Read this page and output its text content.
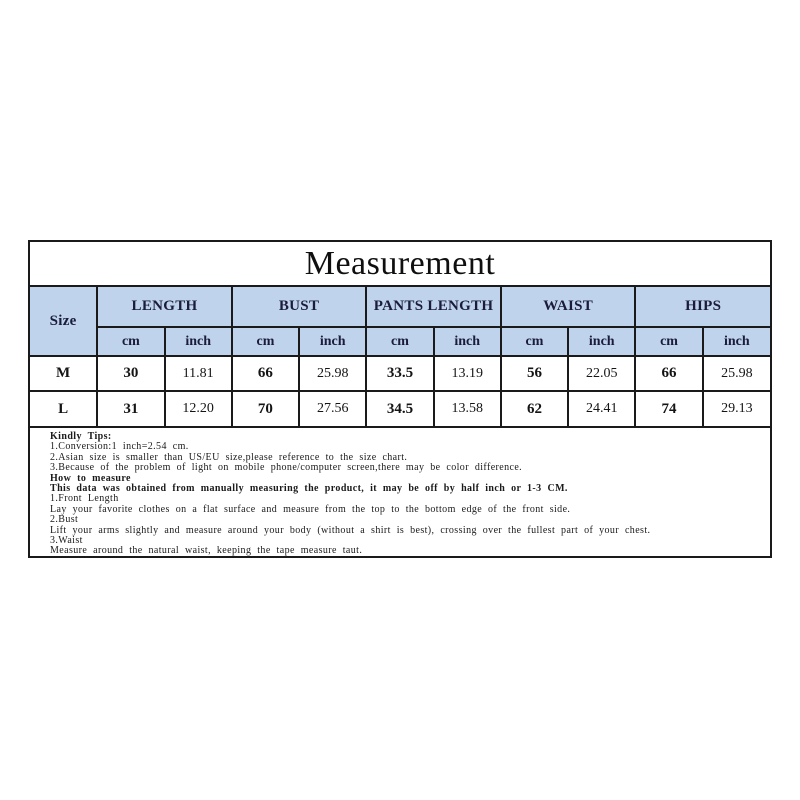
Measurement
Size	LENGTH		BUST		PANTS LENGTH		WAIST		HIPS	
	cm	inch	cm	inch	cm	inch	cm	inch	cm	inch
M	30	11.81	66	25.98	33.5	13.19	56	22.05	66	25.98
L	31	12.20	70	27.56	34.5	13.58	62	24.41	74	29.13

Kindly Tips:

1.Conversion:1 inch=2.54 cm.

2.Asian size is smaller than US/EU size,please reference to the size chart.

3.Because of the problem of light on mobile phone/computer screen,there may be color difference.

How to measure

This data was obtained from manually measuring the product, it may be off by half inch or 1-3 CM.

1.Front Length

Lay your favorite clothes on a flat surface and measure from the top to the bottom edge of the front side.

2.Bust

Lift your arms slightly and measure around your body (without a shirt is best), crossing over the fullest part of your chest.

3.Waist

Measure around the natural waist, keeping the tape measure taut.
